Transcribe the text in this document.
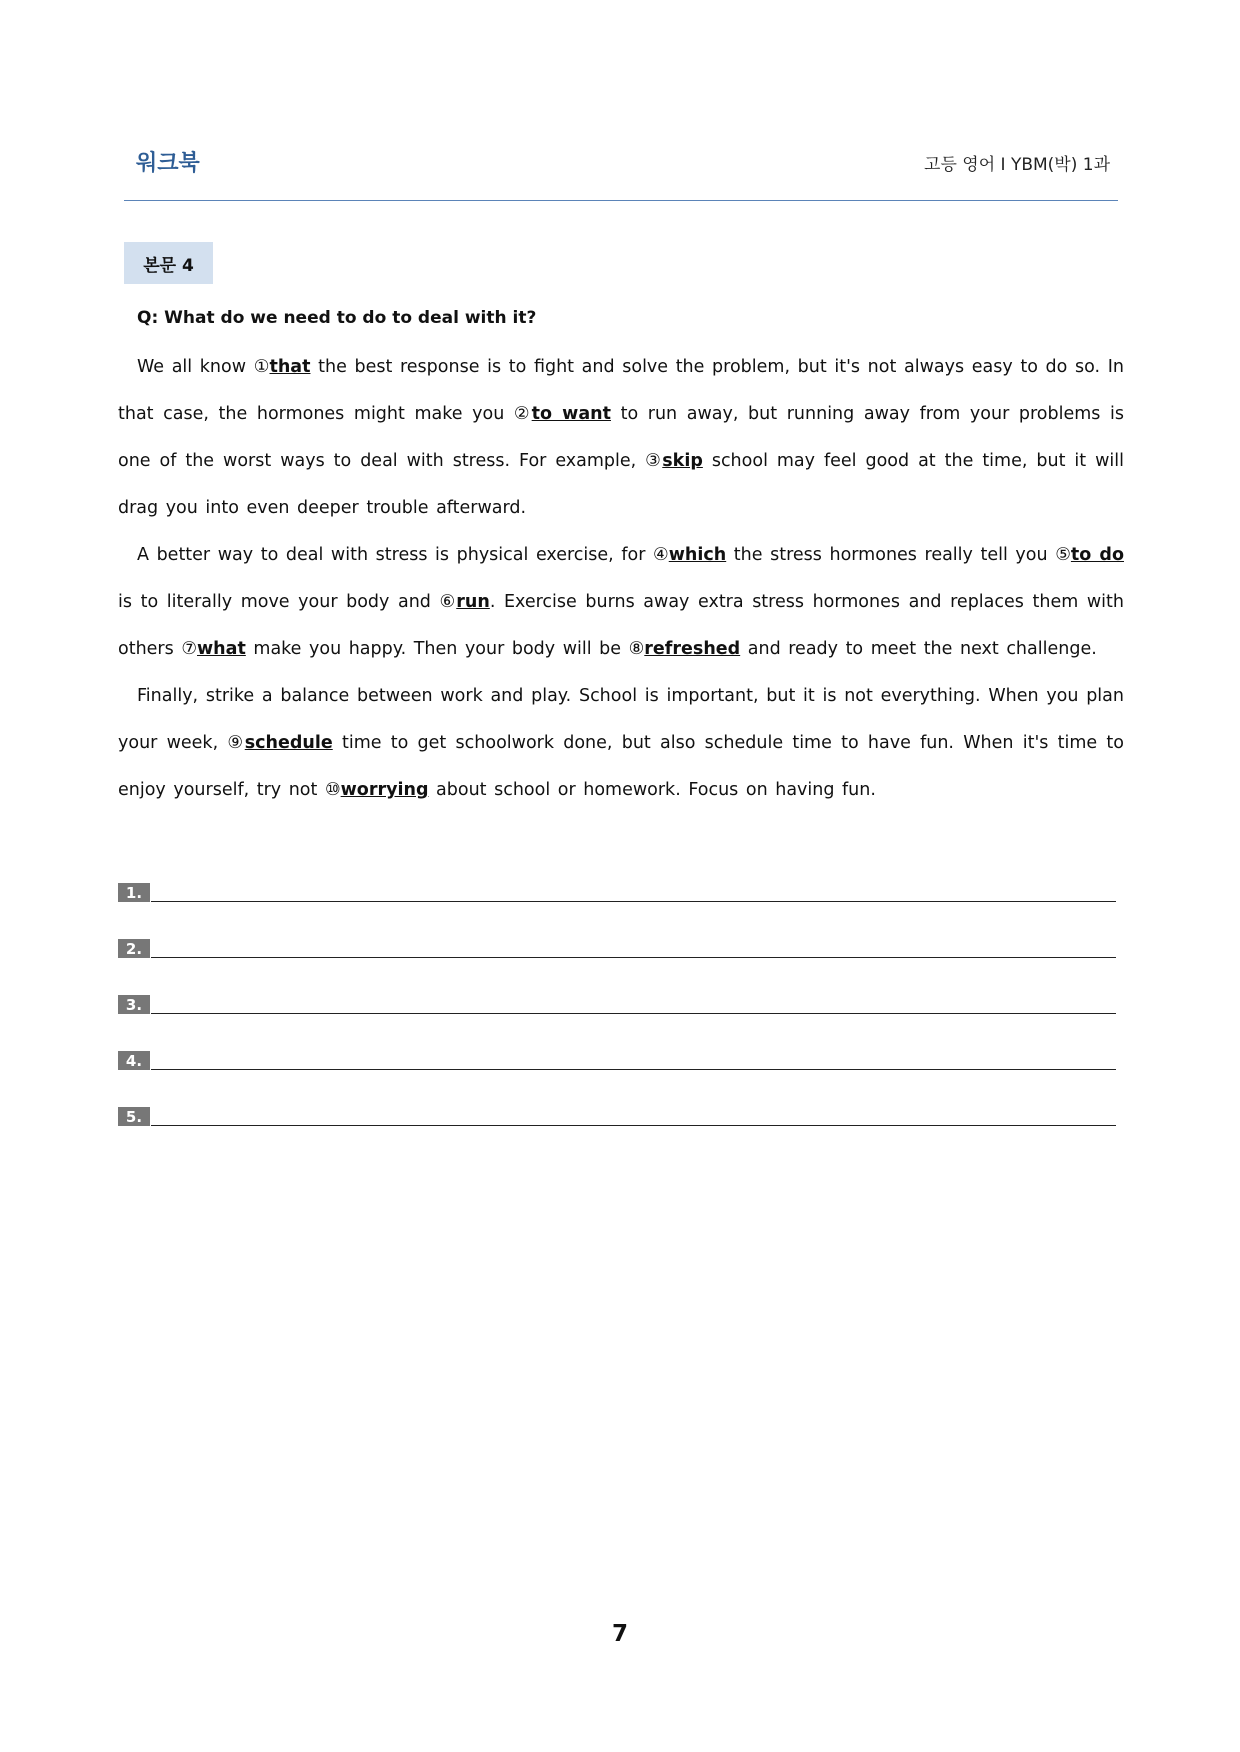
워크북	고등 영어 I YBM(박) 1과
본문 4
Q: What do we need to do to deal with it?

We all know ①that the best response is to fight and solve the problem, but it's not always easy to do so. In that case, the hormones might make you ②to want to run away, but running away from your problems is one of the worst ways to deal with stress. For example, ③skip school may feel good at the time, but it will drag you into even deeper trouble afterward.

A better way to deal with stress is physical exercise, for ④which the stress hormones really tell you ⑤to do is to literally move your body and ⑥run. Exercise burns away extra stress hormones and replaces them with others ⑦what make you happy. Then your body will be ⑧refreshed and ready to meet the next challenge.

Finally, strike a balance between work and play. School is important, but it is not everything. When you plan your week, ⑨schedule time to get schoolwork done, but also schedule time to have fun. When it's time to enjoy yourself, try not ⑩worrying about school or homework. Focus on having fun.

1.
2.
3.
4.
5.
7
